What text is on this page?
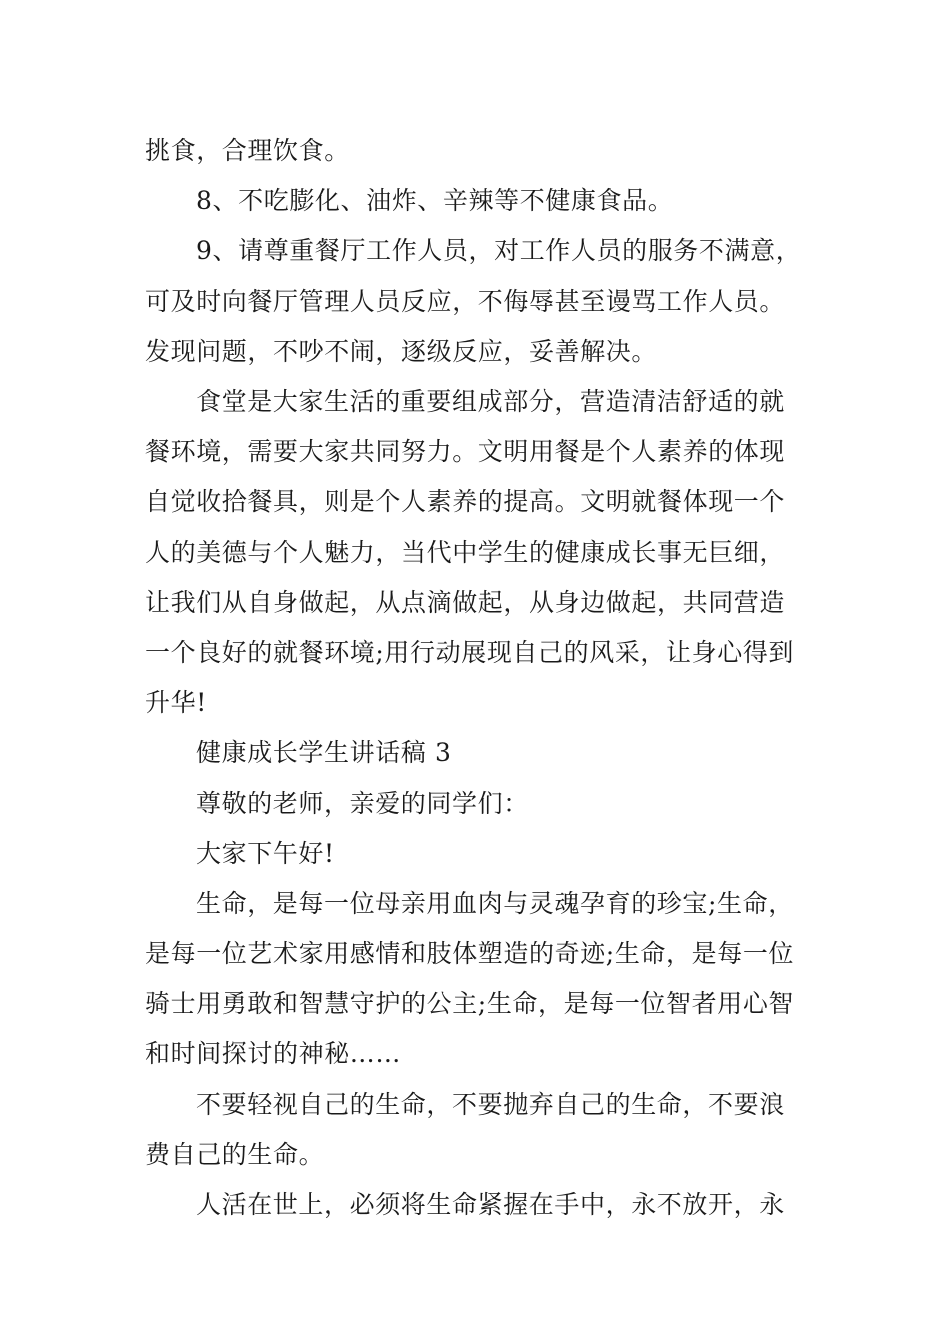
挑食，合理饮食。
8、不吃膨化、油炸、辛辣等不健康食品。
9、请尊重餐厅工作人员，对工作人员的服务不满意，
可及时向餐厅管理人员反应，不侮辱甚至谩骂工作人员。
发现问题，不吵不闹，逐级反应，妥善解决。
食堂是大家生活的重要组成部分，营造清洁舒适的就
餐环境，需要大家共同努力。文明用餐是个人素养的体现
自觉收拾餐具，则是个人素养的提高。文明就餐体现一个
人的美德与个人魅力，当代中学生的健康成长事无巨细，
让我们从自身做起，从点滴做起，从身边做起，共同营造
一个良好的就餐环境;用行动展现自己的风采，让身心得到
升华!
健康成长学生讲话稿 3
尊敬的老师，亲爱的同学们：
大家下午好!
生命，是每一位母亲用血肉与灵魂孕育的珍宝;生命，
是每一位艺术家用感情和肢体塑造的奇迹;生命，是每一位
骑士用勇敢和智慧守护的公主;生命，是每一位智者用心智
和时间探讨的神秘……
不要轻视自己的生命，不要抛弃自己的生命，不要浪
费自己的生命。
人活在世上，必须将生命紧握在手中，永不放开，永
